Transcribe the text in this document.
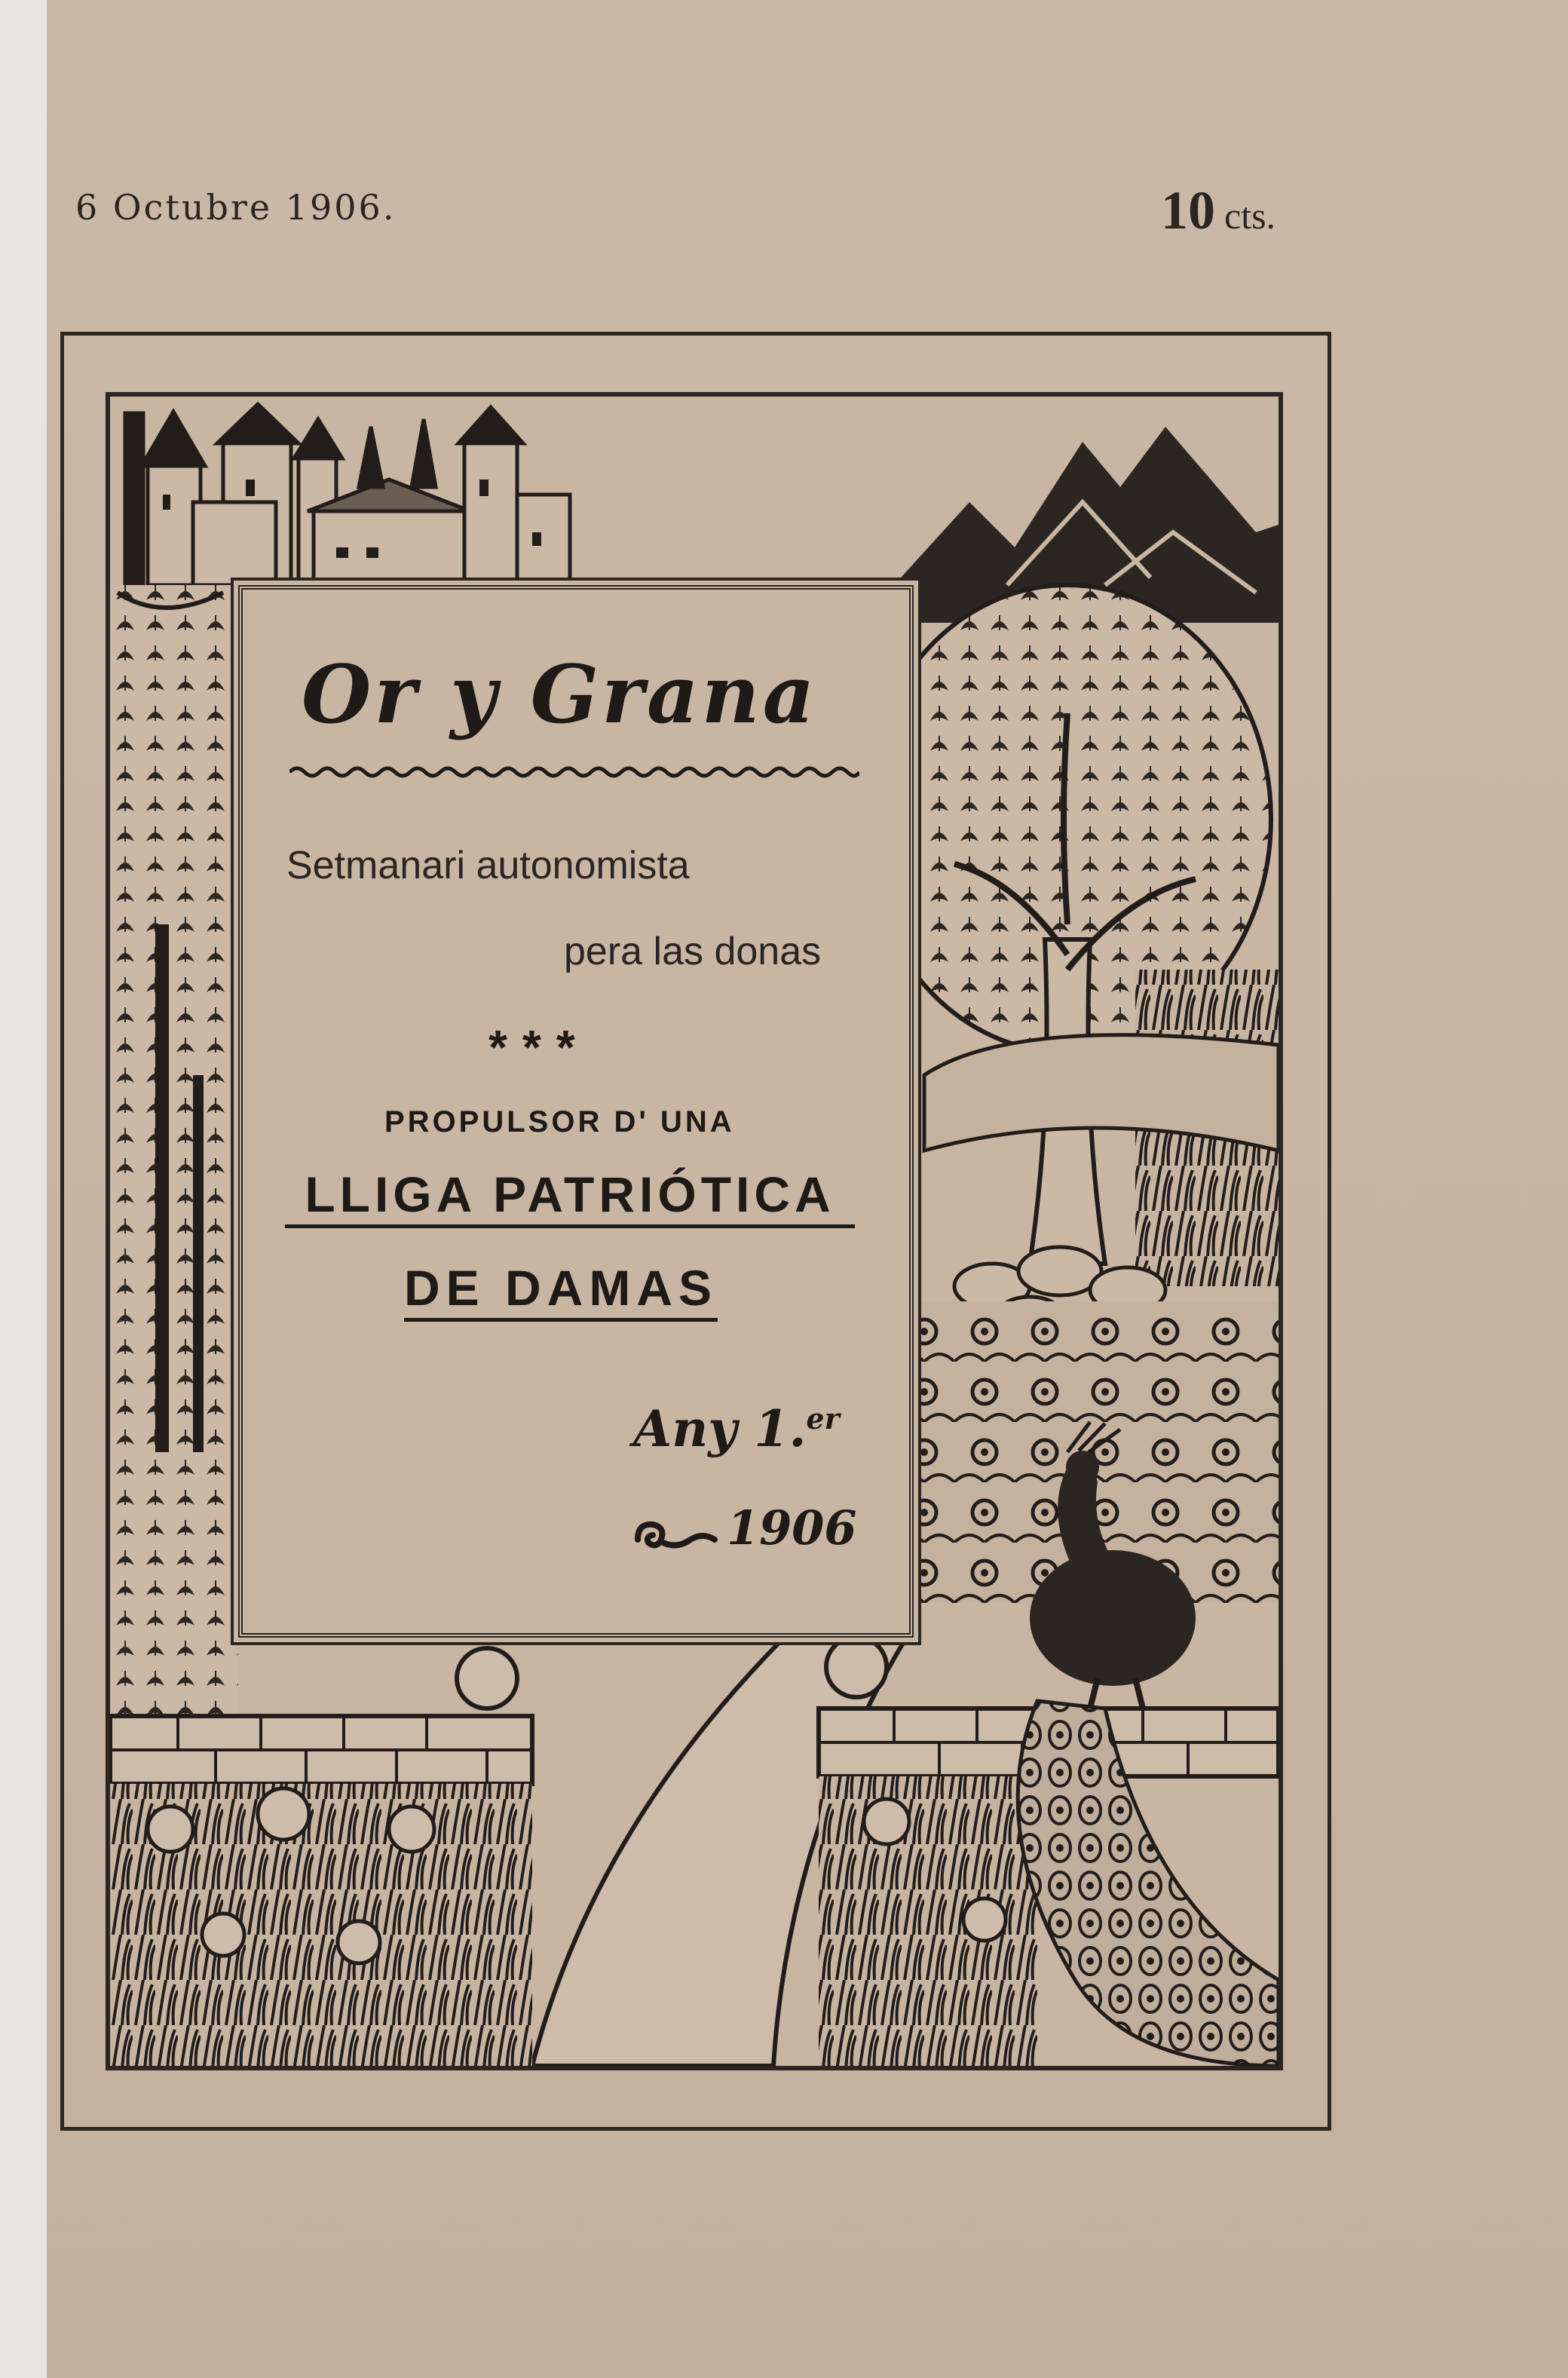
6 Octubre 1906.	10 cts.
Or y Grana
Setmanari autonomista
pera las donas
***
PROPULSOR D' UNA
LLIGA PATRIÓTICA
DE DAMAS
Any 1.$^{er}$
1906
